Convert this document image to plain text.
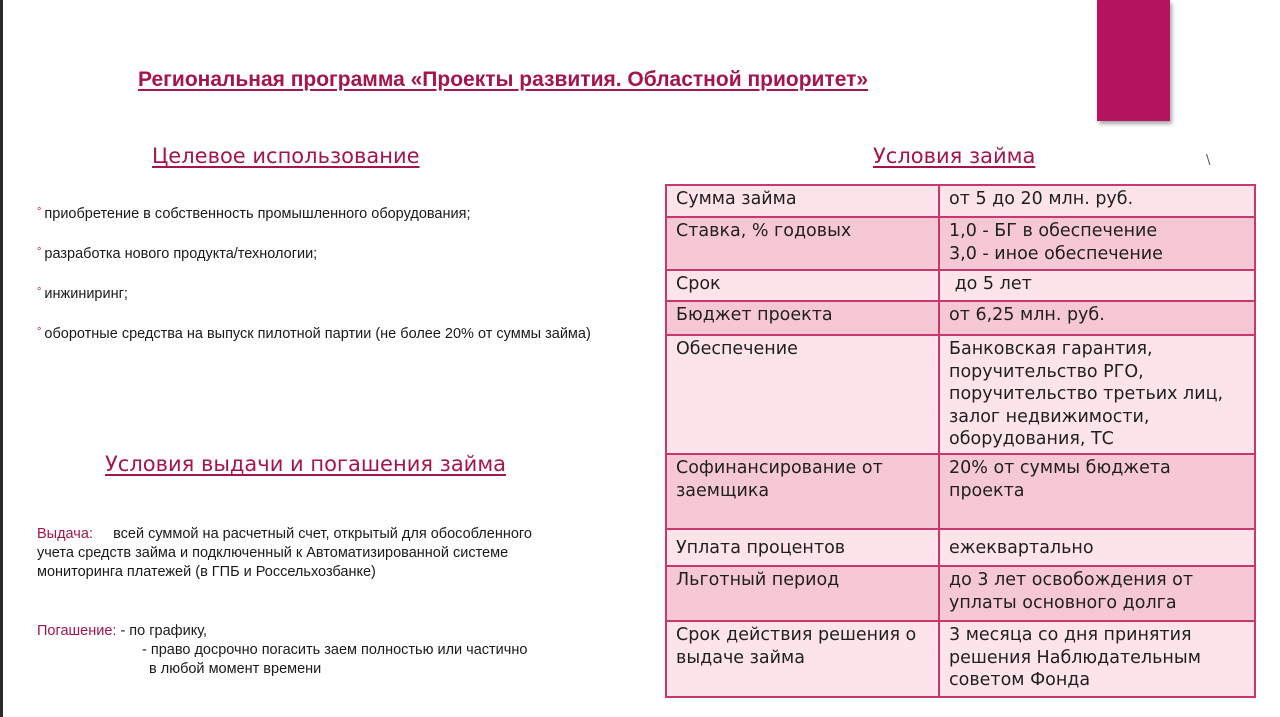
\
Региональная программа «Проекты развития. Областной приоритет»
Целевое использование
° приобретение в собственность промышленного оборудования;
° разработка нового продукта/технологии;
° инжиниринг;
° оборотные средства на выпуск пилотной партии (не более 20% от суммы займа)
Условия выдачи и погашения займа

Выдача: всей суммой на расчетный счет, открытый для обособленного учета средств займа и подключенный к Автоматизированной системе мониторинга платежей (в ГПБ и Россельхозбанке)

Погашение: - по графику,
- право досрочно погасить заем полностью или частично
в любой момент времени
Условия займа
Сумма займа	от 5 до 20 млн. руб.
Ставка, % годовых	1,0 - БГ в обеспечение
3,0 - иное обеспечение

Срок	до 5 лет
Бюджет проекта	от 6,25 млн. руб.
Обеспечение	Банковская гарантия, поручительство РГО, поручительство третьих лиц, залог недвижимости, оборудования, ТС
Софинансирование от заемщика	20% от суммы бюджета проекта
Уплата процентов	ежеквартально
Льготный период	до 3 лет освобождения от уплаты основного долга
Срок действия решения о выдаче займа	3 месяца со дня принятия решения Наблюдательным советом Фонда
